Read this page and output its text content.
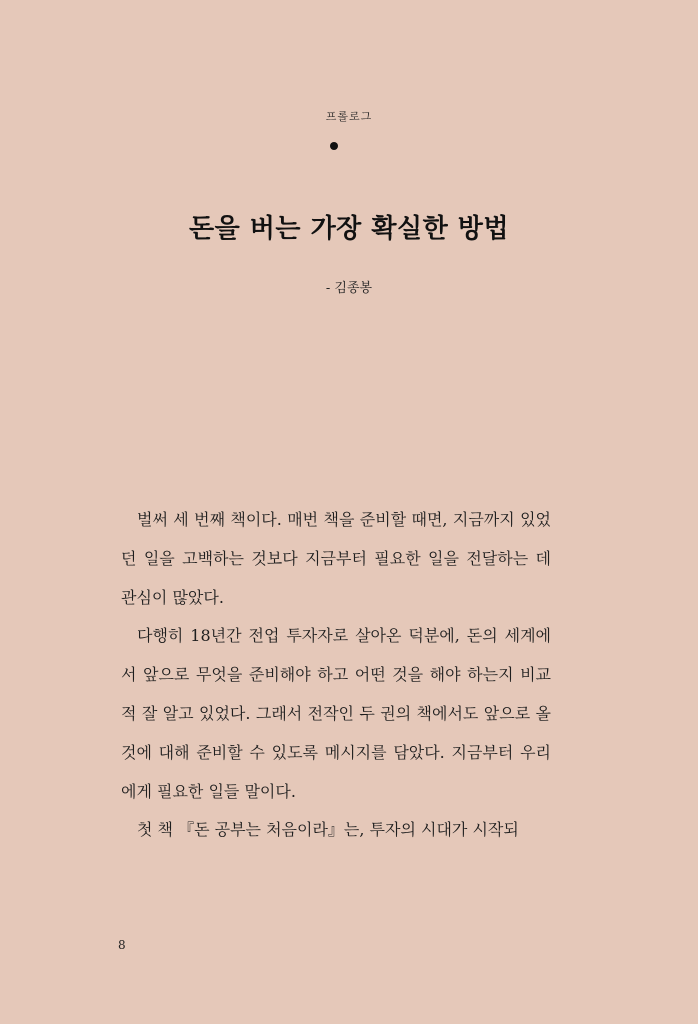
프롤로그
돈을 버는 가장 확실한 방법
- 김종봉

벌써 세 번째 책이다. 매번 책을 준비할 때면, 지금까지 있었던 일을 고백하는 것보다 지금부터 필요한 일을 전달하는 데 관심이 많았다.

다행히 18년간 전업 투자자로 살아온 덕분에, 돈의 세계에서 앞으로 무엇을 준비해야 하고 어떤 것을 해야 하는지 비교적 잘 알고 있었다. 그래서 전작인 두 권의 책에서도 앞으로 올 것에 대해 준비할 수 있도록 메시지를 담았다. 지금부터 우리에게 필요한 일들 말이다.

첫 책 『돈 공부는 처음이라』는, 투자의 시대가 시작되

8
